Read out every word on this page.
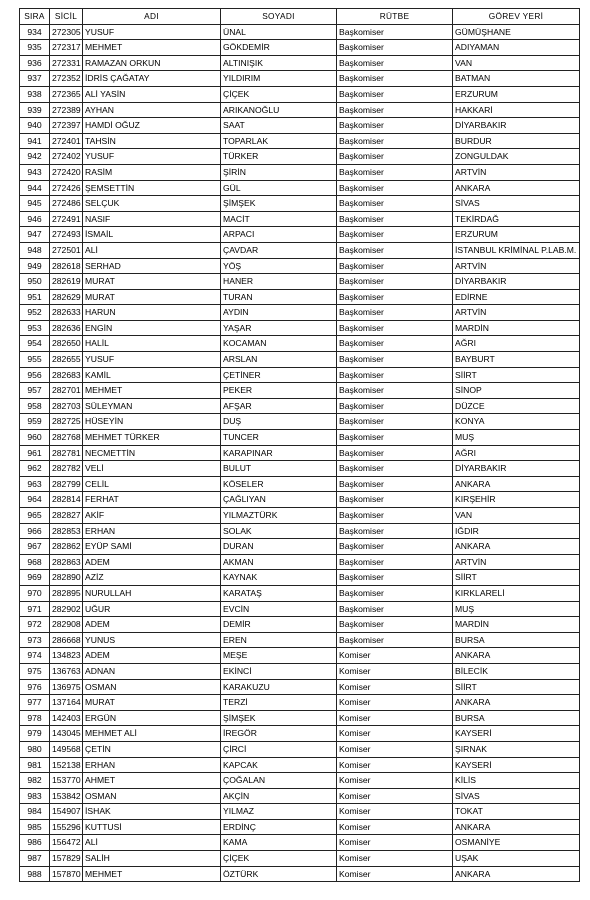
SIRA	SİCİL	ADI	SOYADI	RÜTBE	GÖREV YERİ
934	272305	YUSUF	ÜNAL	Başkomiser	GÜMÜŞHANE
935	272317	MEHMET	GÖKDEMİR	Başkomiser	ADIYAMAN
936	272331	RAMAZAN ORKUN	ALTINIŞIK	Başkomiser	VAN
937	272352	İDRİS ÇAĞATAY	YILDIRIM	Başkomiser	BATMAN
938	272365	ALİ YASİN	ÇİÇEK	Başkomiser	ERZURUM
939	272389	AYHAN	ARIKANOĞLU	Başkomiser	HAKKARİ
940	272397	HAMDİ OĞUZ	SAAT	Başkomiser	DİYARBAKIR
941	272401	TAHSİN	TOPARLAK	Başkomiser	BURDUR
942	272402	YUSUF	TÜRKER	Başkomiser	ZONGULDAK
943	272420	RASİM	ŞİRİN	Başkomiser	ARTVİN
944	272426	ŞEMSETTİN	GÜL	Başkomiser	ANKARA
945	272486	SELÇUK	ŞİMŞEK	Başkomiser	SİVAS
946	272491	NASIF	MACİT	Başkomiser	TEKİRDAĞ
947	272493	İSMAİL	ARPACI	Başkomiser	ERZURUM
948	272501	ALİ	ÇAVDAR	Başkomiser	İSTANBUL KRİMİNAL P.LAB.M.
949	282618	SERHAD	YÖŞ	Başkomiser	ARTVİN
950	282619	MURAT	HANER	Başkomiser	DİYARBAKIR
951	282629	MURAT	TURAN	Başkomiser	EDİRNE
952	282633	HARUN	AYDIN	Başkomiser	ARTVİN
953	282636	ENGİN	YAŞAR	Başkomiser	MARDİN
954	282650	HALİL	KOCAMAN	Başkomiser	AĞRI
955	282655	YUSUF	ARSLAN	Başkomiser	BAYBURT
956	282683	KAMİL	ÇETİNER	Başkomiser	SİİRT
957	282701	MEHMET	PEKER	Başkomiser	SİNOP
958	282703	SÜLEYMAN	AFŞAR	Başkomiser	DÜZCE
959	282725	HÜSEYİN	DUŞ	Başkomiser	KONYA
960	282768	MEHMET TÜRKER	TUNCER	Başkomiser	MUŞ
961	282781	NECMETTİN	KARAPINAR	Başkomiser	AĞRI
962	282782	VELİ	BULUT	Başkomiser	DİYARBAKIR
963	282799	CELİL	KÖSELER	Başkomiser	ANKARA
964	282814	FERHAT	ÇAĞLIYAN	Başkomiser	KIRŞEHİR
965	282827	AKİF	YILMAZTÜRK	Başkomiser	VAN
966	282853	ERHAN	SOLAK	Başkomiser	IĞDIR
967	282862	EYÜP SAMİ	DURAN	Başkomiser	ANKARA
968	282863	ADEM	AKMAN	Başkomiser	ARTVİN
969	282890	AZİZ	KAYNAK	Başkomiser	SİİRT
970	282895	NURULLAH	KARATAŞ	Başkomiser	KIRKLARELİ
971	282902	UĞUR	EVCİN	Başkomiser	MUŞ
972	282908	ADEM	DEMİR	Başkomiser	MARDİN
973	286668	YUNUS	EREN	Başkomiser	BURSA
974	134823	ADEM	MEŞE	Komiser	ANKARA
975	136763	ADNAN	EKİNCİ	Komiser	BİLECİK
976	136975	OSMAN	KARAKUZU	Komiser	SİİRT
977	137164	MURAT	TERZİ	Komiser	ANKARA
978	142403	ERGÜN	ŞİMŞEK	Komiser	BURSA
979	143045	MEHMET ALİ	İREGÖR	Komiser	KAYSERİ
980	149568	ÇETİN	ÇİRCİ	Komiser	ŞIRNAK
981	152138	ERHAN	KAPCAK	Komiser	KAYSERİ
982	153770	AHMET	ÇOĞALAN	Komiser	KİLİS
983	153842	OSMAN	AKÇİN	Komiser	SİVAS
984	154907	İSHAK	YILMAZ	Komiser	TOKAT
985	155296	KUTTUSİ	ERDİNÇ	Komiser	ANKARA
986	156472	ALİ	KAMA	Komiser	OSMANİYE
987	157829	SALİH	ÇİÇEK	Komiser	UŞAK
988	157870	MEHMET	ÖZTÜRK	Komiser	ANKARA
